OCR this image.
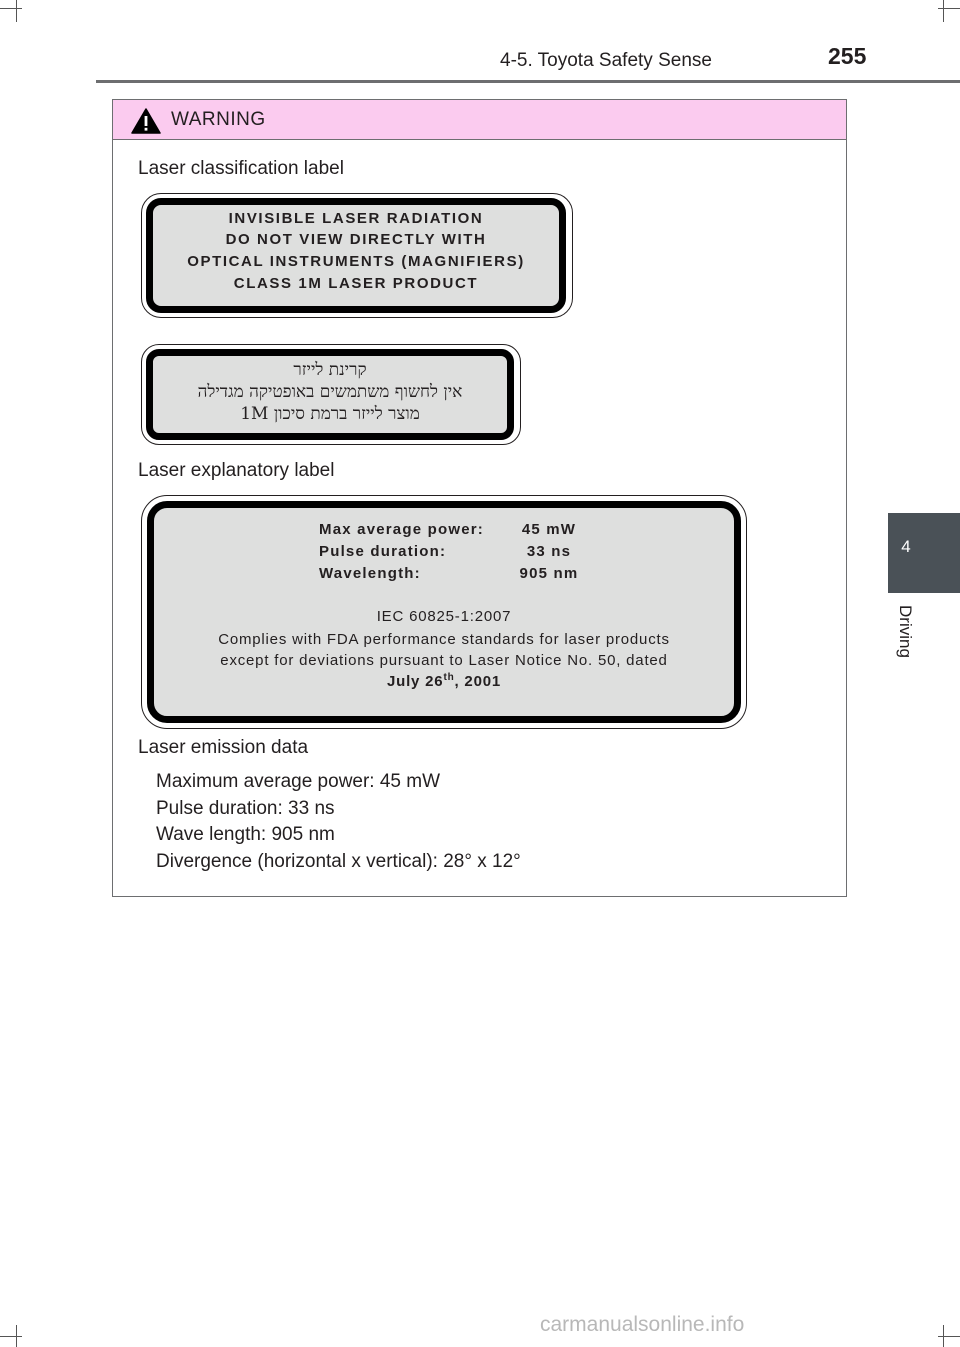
4-5. Toyota Safety Sense	255
4
Driving
WARNING
Laser classification label
INVISIBLE LASER RADIATION
DO NOT VIEW DIRECTLY WITH
OPTICAL INSTRUMENTS (MAGNIFIERS)
CLASS 1M LASER PRODUCT
קרינת לייזר
אין לחשוף משתמשים באופטיקה מגדילה
מוצר לייזר ברמת סיכון 1M
Laser explanatory label
Max average power:	45 mW
Pulse duration:	33 ns
Wavelength:	905 nm
IEC 60825-1:2007
Complies with FDA performance standards for laser products
except for deviations pursuant to Laser Notice No. 50, dated
July 26th, 2001
Laser emission data
Maximum average power: 45 mW
Pulse duration: 33 ns
Wave length: 905 nm
Divergence (horizontal x vertical): 28° x 12°
carmanualsonline.info
